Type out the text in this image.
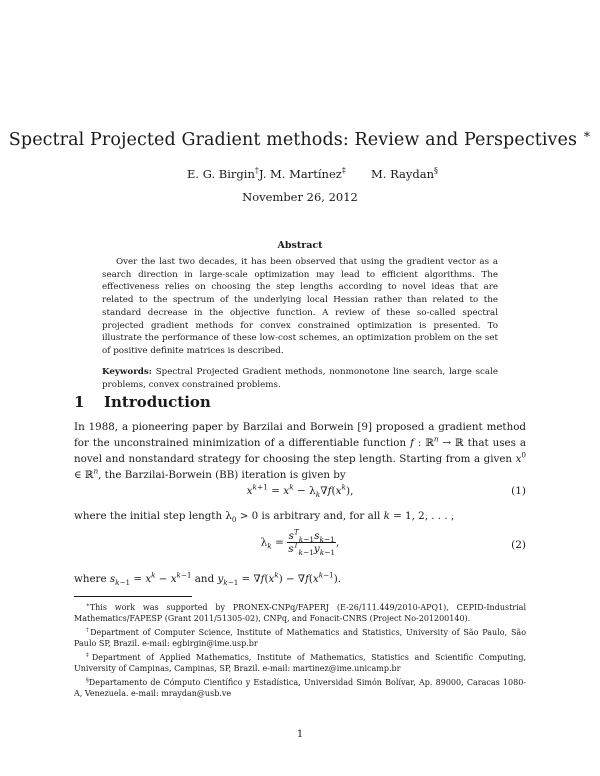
Spectral Projected Gradient methods: Review and Perspectives ∗
E. G. Birgin† J. M. Martínez‡ M. Raydan§
November 26, 2012
Abstract
Over the last two decades, it has been observed that using the gradient vector as a search direction in large-scale optimization may lead to efficient algorithms. The effectiveness relies on choosing the step lengths according to novel ideas that are related to the spectrum of the underlying local Hessian rather than related to the standard decrease in the objective function. A review of these so-called spectral projected gradient methods for convex constrained optimization is presented. To illustrate the performance of these low-cost schemes, an optimization problem on the set of positive definite matrices is described.
Keywords: Spectral Projected Gradient methods, nonmonotone line search, large scale problems, convex constrained problems.
1 Introduction
In 1988, a pioneering paper by Barzilai and Borwein [9] proposed a gradient method for the unconstrained minimization of a differentiable function f : ℝ$^n$ → ℝ that uses a novel and nonstandard strategy for choosing the step length. Starting from a given $x^0$ ∈ ℝ$^n$, the Barzilai-Borwein (BB) iteration is given by
$x^{k+1} = x^k - \lambda_k\nabla f(x^k)$,	(1)
where the initial step length $\lambda_0 > 0$ is arbitrary and, for all k = 1, 2, . . . ,
$\lambda_k = \frac{s^T_{k-1}s_{k-1}}{s^T_{k-1}y_{k-1}}$ ,	(2)
where $s_{k-1} = x^k - x^{k-1}$ and $y_{k-1} = \nabla f(x^k) - \nabla f(x^{k-1})$.
∗This work was supported by PRONEX-CNPq/FAPERJ (E-26/111.449/2010-APQ1), CEPID-Industrial Mathematics/FAPESP (Grant 2011/51305-02), CNPq, and Fonacit-CNRS (Project No-201200140).
†Department of Computer Science, Institute of Mathematics and Statistics, University of São Paulo, São Paulo SP, Brazil. e-mail: egbirgin@ime.usp.br
‡Department of Applied Mathematics, Institute of Mathematics, Statistics and Scientific Computing, University of Campinas, Campinas, SP, Brazil. e-mail: martinez@ime.unicamp.br
§Departamento de Cómputo Científico y Estadística, Universidad Simón Bolívar, Ap. 89000, Caracas 1080-A, Venezuela. e-mail: mraydan@usb.ve
1
